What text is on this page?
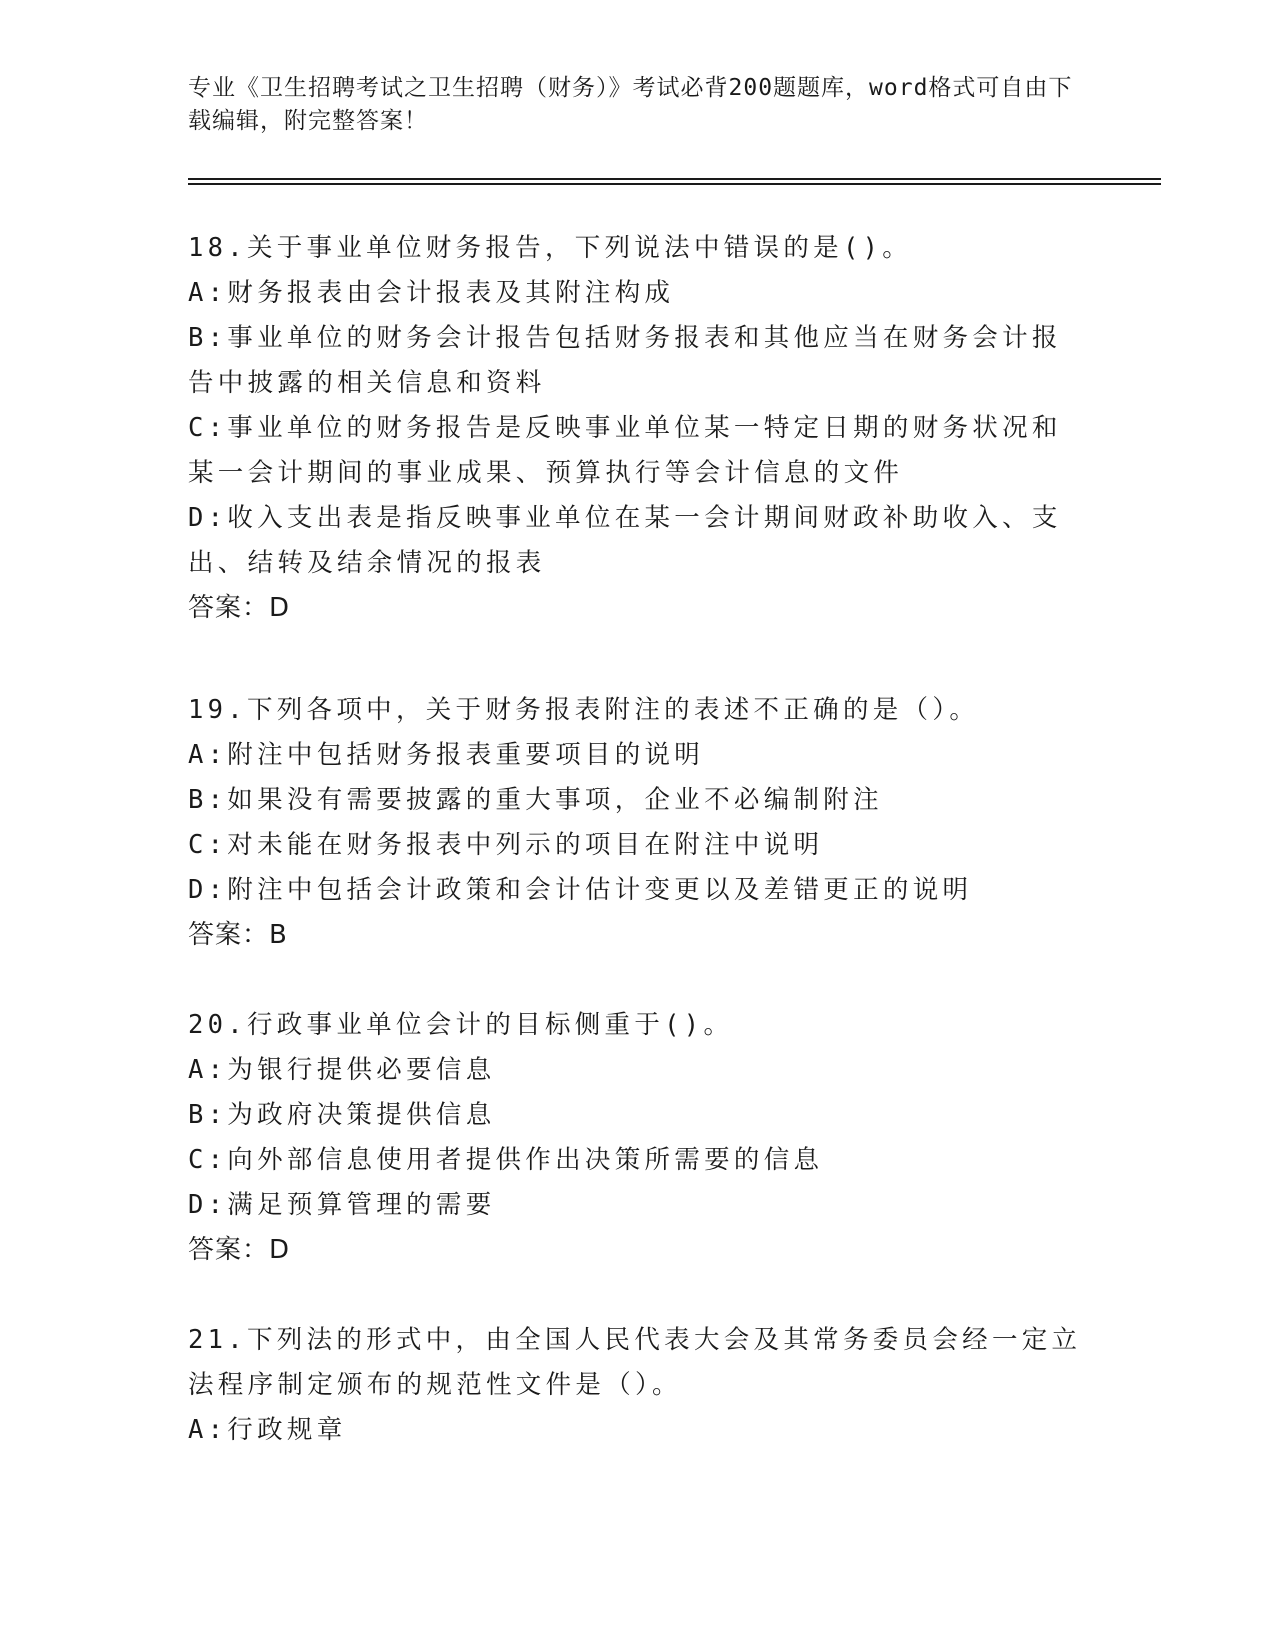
专业《卫生招聘考试之卫生招聘（财务）》考试必背200题题库，word格式可自由下载编辑，附完整答案！

18.关于事业单位财务报告，下列说法中错误的是()。

A:财务报表由会计报表及其附注构成

B:事业单位的财务会计报告包括财务报表和其他应当在财务会计报告中披露的相关信息和资料

C:事业单位的财务报告是反映事业单位某一特定日期的财务状况和某一会计期间的事业成果、预算执行等会计信息的文件

D:收入支出表是指反映事业单位在某一会计期间财政补助收入、支出、结转及结余情况的报表

答案：D

19.下列各项中，关于财务报表附注的表述不正确的是（）。

A:附注中包括财务报表重要项目的说明

B:如果没有需要披露的重大事项，企业不必编制附注

C:对未能在财务报表中列示的项目在附注中说明

D:附注中包括会计政策和会计估计变更以及差错更正的说明

答案：B

20.行政事业单位会计的目标侧重于()。

A:为银行提供必要信息

B:为政府决策提供信息

C:向外部信息使用者提供作出决策所需要的信息

D:满足预算管理的需要

答案：D

21.下列法的形式中，由全国人民代表大会及其常务委员会经一定立法程序制定颁布的规范性文件是（）。

A:行政规章
